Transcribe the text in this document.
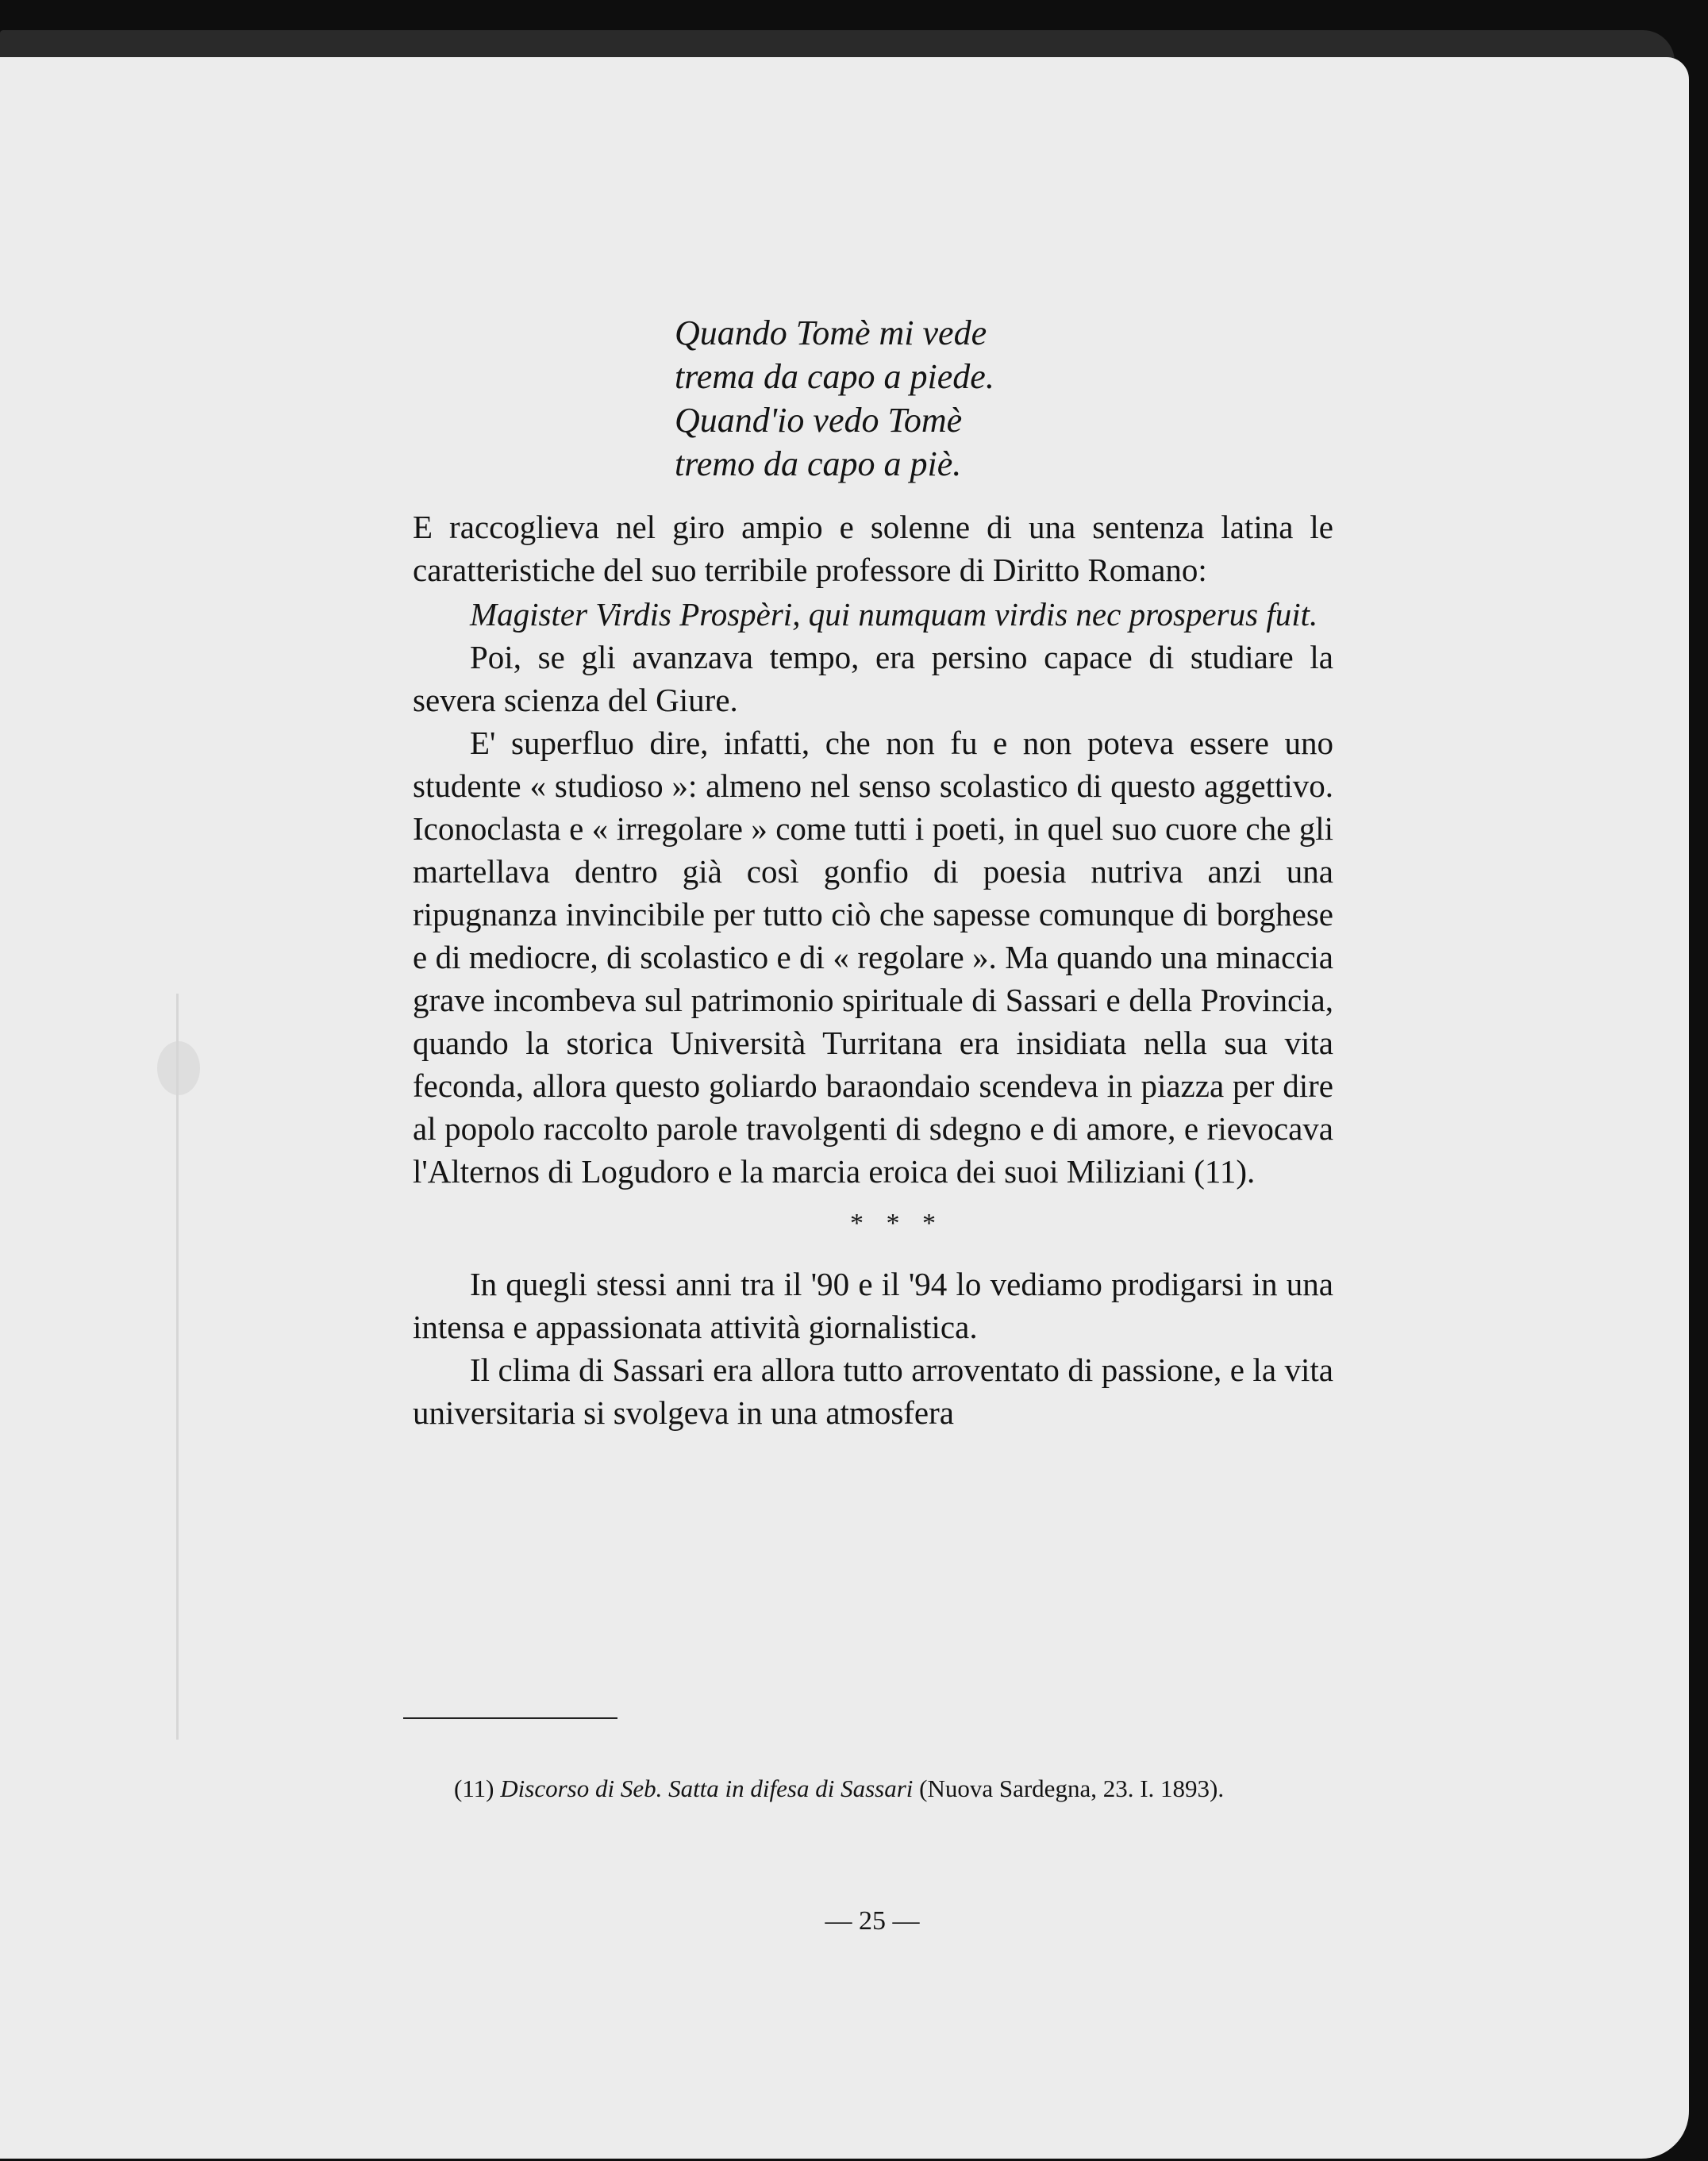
Quando Tomè mi vede
trema da capo a piede.
Quand'io vedo Tomè
tremo da capo a piè.

E raccoglieva nel giro ampio e solenne di una sentenza latina le caratteristiche del suo terribile professore di Diritto Romano:

Magister Virdis Prospèri, qui numquam virdis nec prosperus fuit.

Poi, se gli avanzava tempo, era persino capace di studiare la severa scienza del Giure.

E' superfluo dire, infatti, che non fu e non poteva essere uno studente « studioso »: almeno nel senso scolastico di questo aggettivo. Iconoclasta e « irregolare » come tutti i poeti, in quel suo cuore che gli martellava dentro già così gonfio di poesia nutriva anzi una ripugnanza invincibile per tutto ciò che sapesse comunque di borghese e di mediocre, di scolastico e di « regolare ». Ma quando una minaccia grave incombeva sul patrimonio spirituale di Sassari e della Provincia, quando la storica Università Turritana era insidiata nella sua vita feconda, allora questo goliardo baraondaio scendeva in piazza per dire al popolo raccolto parole travolgenti di sdegno e di amore, e rievocava l'Alternos di Logudoro e la marcia eroica dei suoi Miliziani (11).

* * *

In quegli stessi anni tra il '90 e il '94 lo vediamo prodigarsi in una intensa e appassionata attività giornalistica.

Il clima di Sassari era allora tutto arroventato di passione, e la vita universitaria si svolgeva in una atmosfera

(11) Discorso di Seb. Satta in difesa di Sassari (Nuova Sardegna, 23. I. 1893).
— 25 —
